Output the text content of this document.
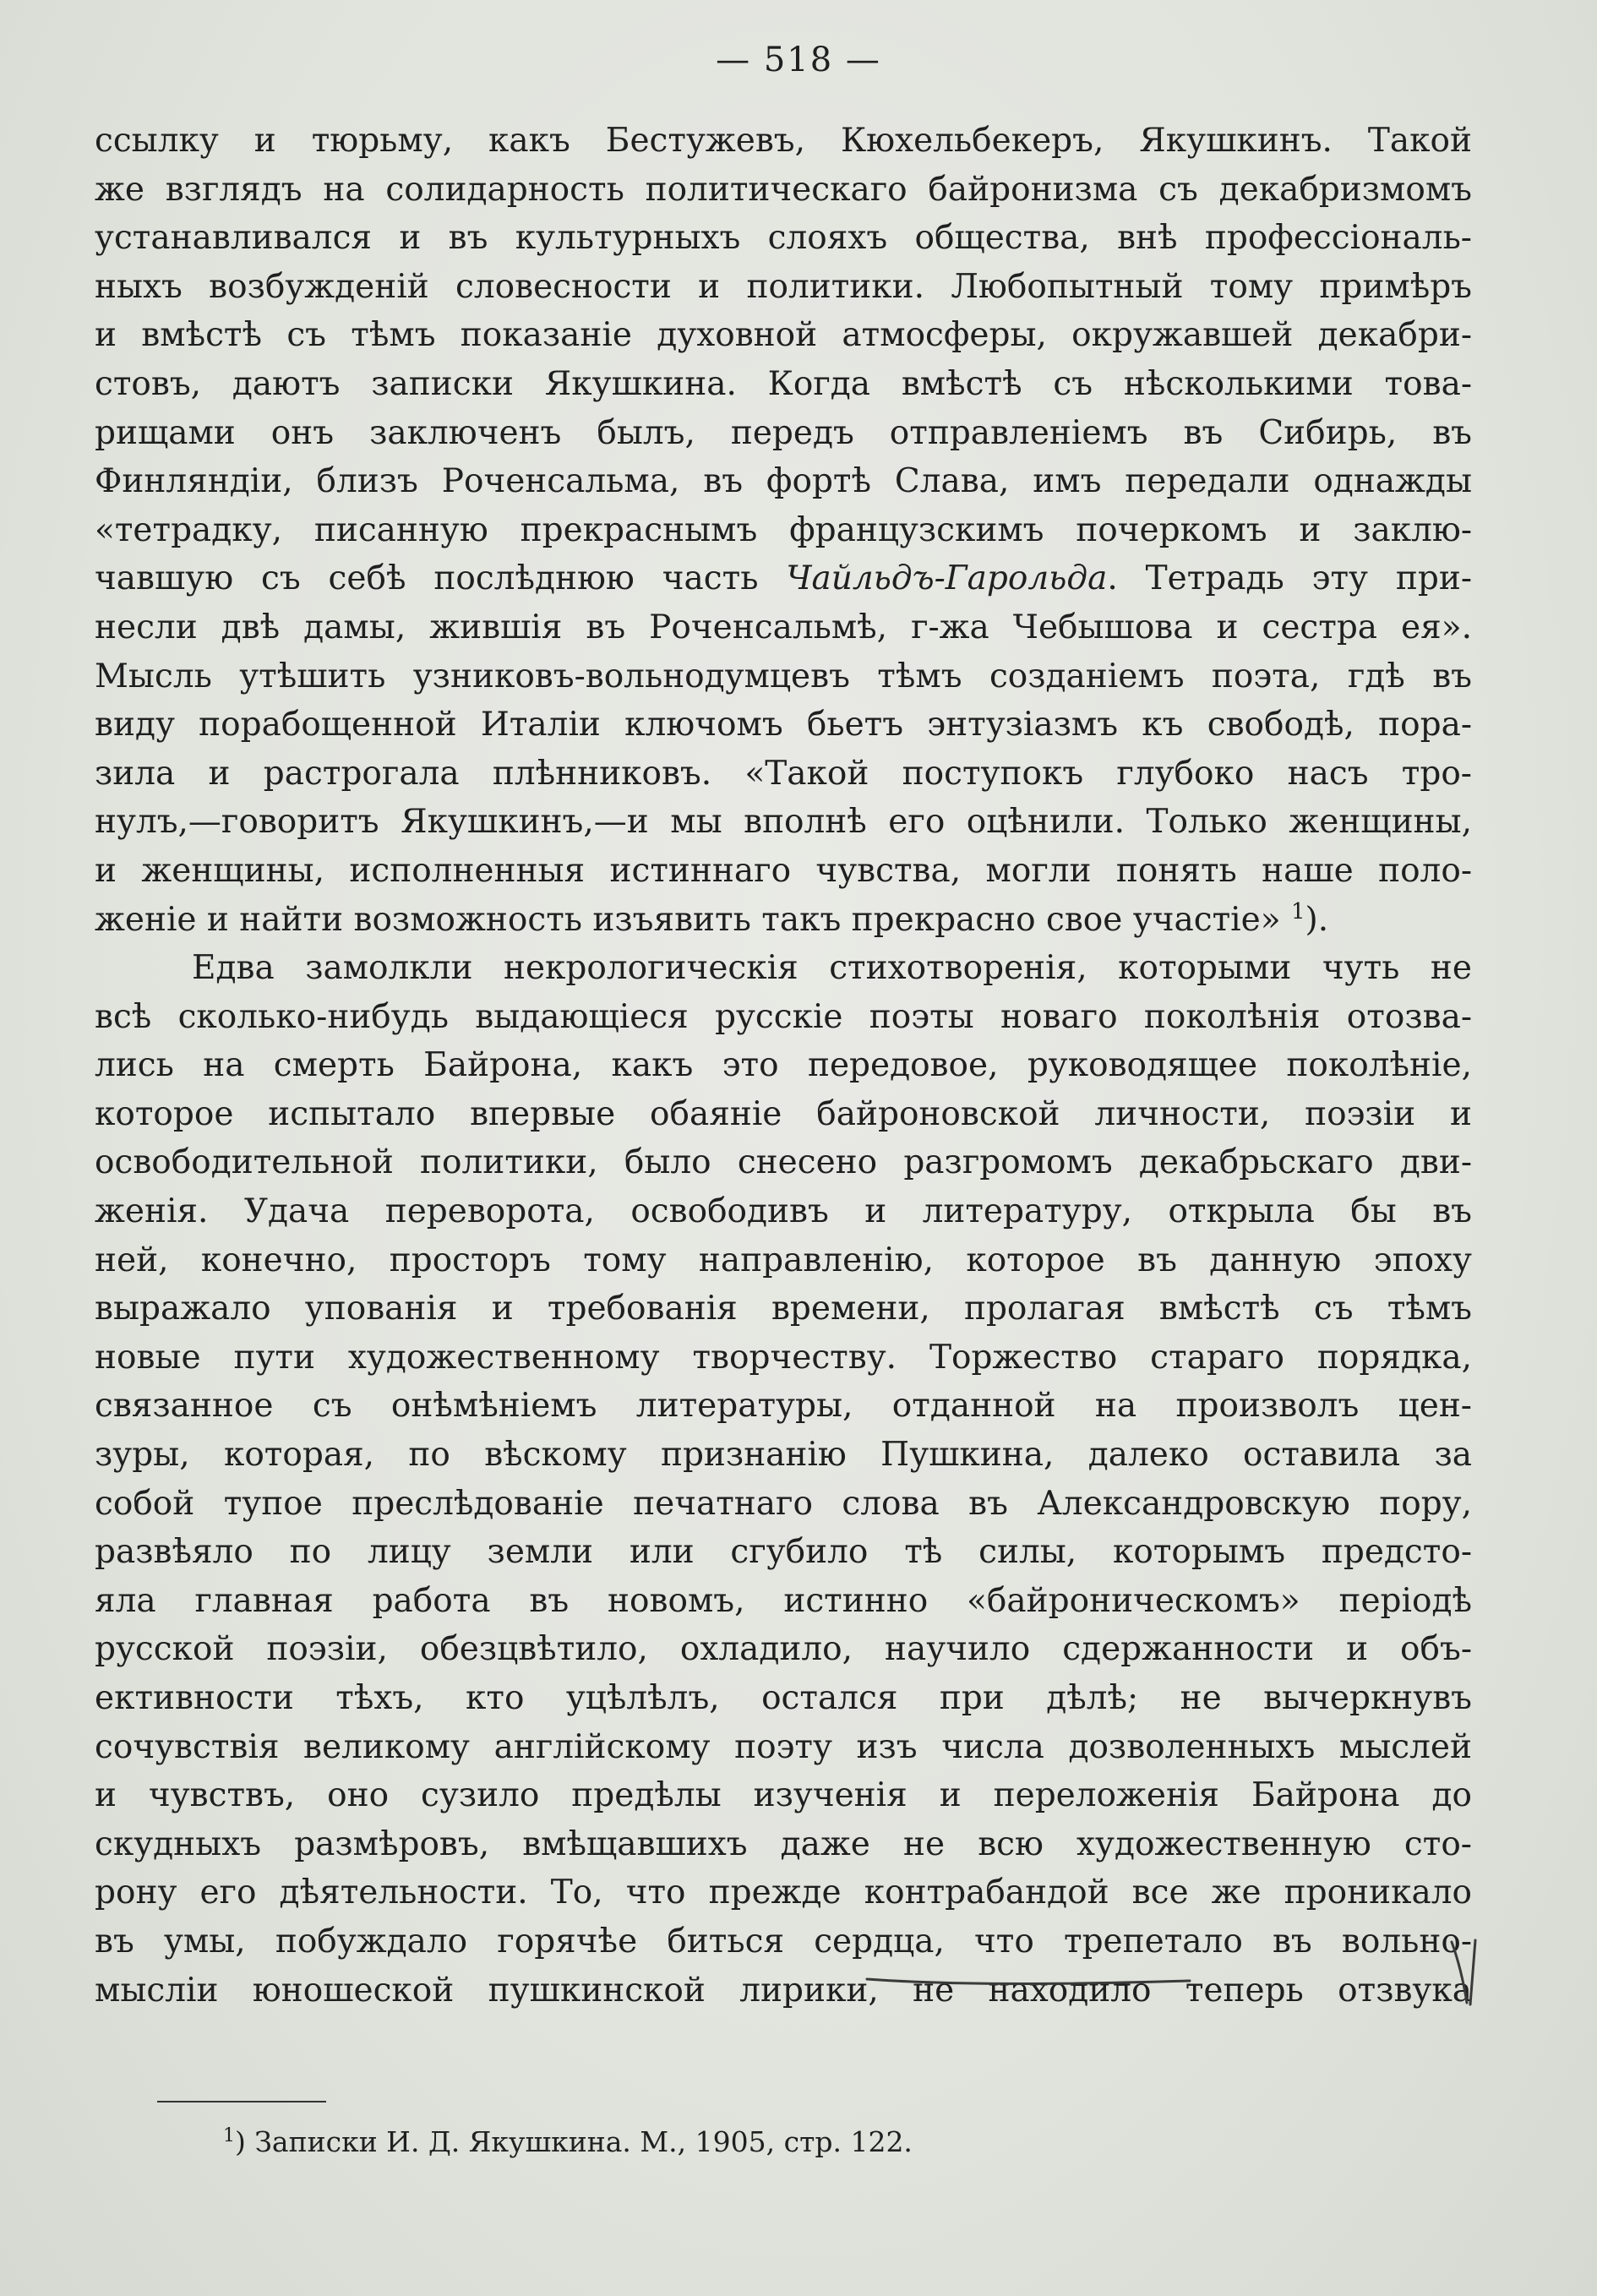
— 518 —
ссылку и тюрьму, какъ Бестужевъ, Кюхельбекеръ, Якушкинъ. Такой
же взглядъ на солидарность политическаго байронизма съ декабризмомъ
устанавливался и въ культурныхъ слояхъ общества, внѣ профессіональ-
ныхъ возбужденій словесности и политики. Любопытный тому примѣръ
и вмѣстѣ съ тѣмъ показаніе духовной атмосферы, окружавшей декабри-
стовъ, даютъ записки Якушкина. Когда вмѣстѣ съ нѣсколькими това-
рищами онъ заключенъ былъ, передъ отправленіемъ въ Сибирь, въ
Финляндіи, близъ Роченсальма, въ фортѣ Слава, имъ передали однажды
«тетрадку, писанную прекраснымъ французскимъ почеркомъ и заклю-
чавшую съ себѣ послѣднюю часть Чайльдъ-Гарольда. Тетрадь эту при-
несли двѣ дамы, жившія въ Роченсальмѣ, г-жа Чебышова и сестра ея».
Мысль утѣшить узниковъ-вольнодумцевъ тѣмъ созданіемъ поэта, гдѣ въ
виду порабощенной Италіи ключомъ бьетъ энтузіазмъ къ свободѣ, пора-
зила и растрогала плѣнниковъ. «Такой поступокъ глубоко насъ тро-
нулъ,—говоритъ Якушкинъ,—и мы вполнѣ его оцѣнили. Только женщины,
и женщины, исполненныя истиннаго чувства, могли понять наше поло-
женіе и найти возможность изъявить такъ прекрасно свое участіе» $^1$).
Едва замолкли некрологическія стихотворенія, которыми чуть не
всѣ сколько-нибудь выдающіеся русскіе поэты новаго поколѣнія отозва-
лись на смерть Байрона, какъ это передовое, руководящее поколѣніе,
которое испытало впервые обаяніе байроновской личности, поэзіи и
освободительной политики, было снесено разгромомъ декабрьскаго дви-
женія. Удача переворота, освободивъ и литературу, открыла бы въ
ней, конечно, просторъ тому направленію, которое въ данную эпоху
выражало упованія и требованія времени, пролагая вмѣстѣ съ тѣмъ
новые пути художественному творчеству. Торжество стараго порядка,
связанное съ онѣмѣніемъ литературы, отданной на произволъ цен-
зуры, которая, по вѣскому признанію Пушкина, далеко оставила за
собой тупое преслѣдованіе печатнаго слова въ Александровскую пору,
развѣяло по лицу земли или сгубило тѣ силы, которымъ предсто-
яла главная работа въ новомъ, истинно «байроническомъ» періодѣ
русской поэзіи, обезцвѣтило, охладило, научило сдержанности и объ-
ективности тѣхъ, кто уцѣлѣлъ, остался при дѣлѣ; не вычеркнувъ
сочувствія великому англійскому поэту изъ числа дозволенныхъ мыслей
и чувствъ, оно сузило предѣлы изученія и переложенія Байрона до
скудныхъ размѣровъ, вмѣщавшихъ даже не всю художественную сто-
рону его дѣятельности. То, что прежде контрабандой все же проникало
въ умы, побуждало горячѣе биться сердца, что трепетало въ вольно-
мысліи юношеской пушкинской лирики, не находило теперь отзвука
$^1$) Записки И. Д. Якушкина. М., 1905, стр. 122.
